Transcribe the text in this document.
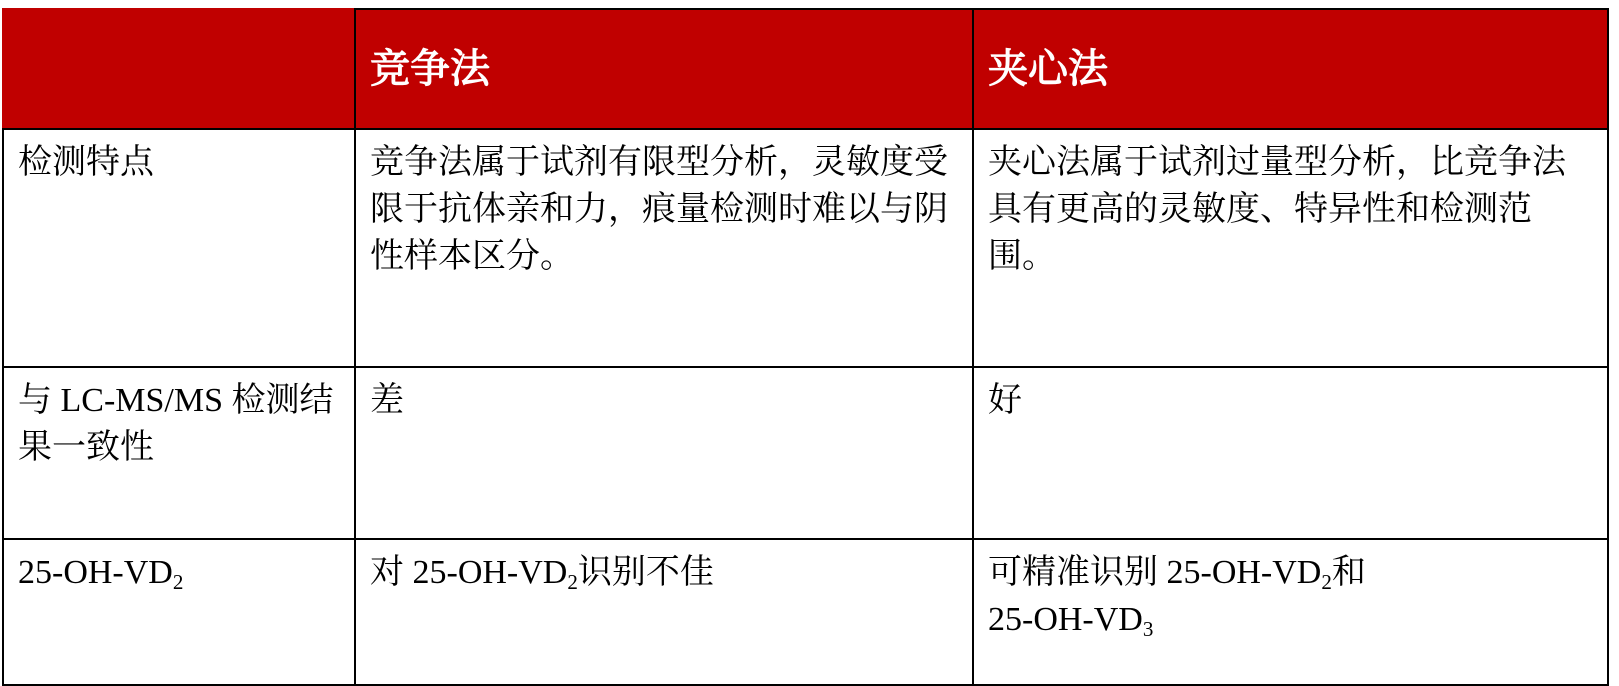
	竞争法	夹心法
检测特点	竞争法属于试剂有限型分析，灵敏度受限于抗体亲和力，痕量检测时难以与阴性样本区分。	夹心法属于试剂过量型分析，比竞争法具有更高的灵敏度、特异性和检测范围。
与 LC-MS/MS 检测结果一致性	差	好
$25-OH-VD_2$	对 $25-OH-VD_2$识别不佳	可精准识别 $25-OH-VD_2$和
$25-OH-VD_3$
